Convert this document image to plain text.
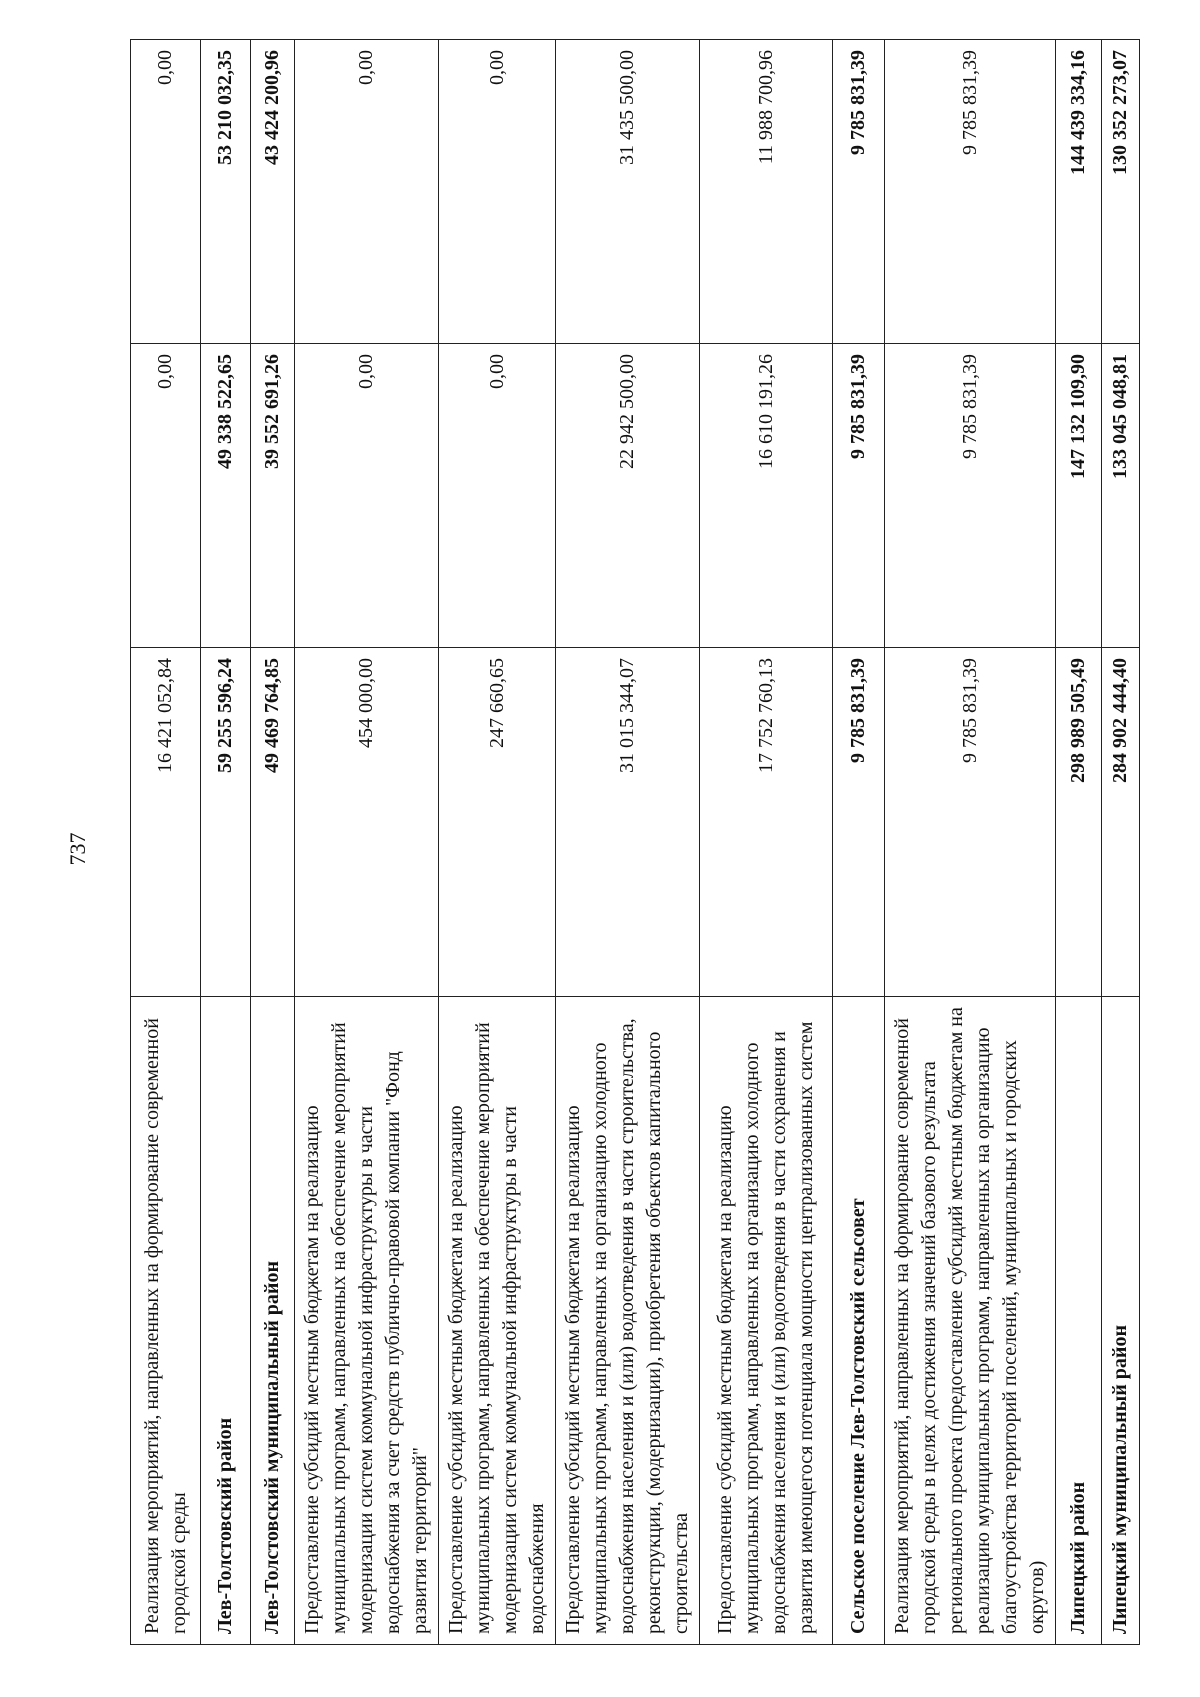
737
Реализация мероприятий, направленных на формирование современной городской среды	16 421 052,84	0,00	0,00
Лев-Толстовский район	59 255 596,24	49 338 522,65	53 210 032,35
Лев-Толстовский муниципальный район	49 469 764,85	39 552 691,26	43 424 200,96
Предоставление субсидий местным бюджетам на реализацию муниципальных программ, направленных на обеспечение мероприятий модернизации систем коммунальной инфраструктуры в части водоснабжения за счет средств публично-правовой компании "Фонд развития территорий"	454 000,00	0,00	0,00
Предоставление субсидий местным бюджетам на реализацию муниципальных программ, направленных на обеспечение мероприятий модернизации систем коммунальной инфраструктуры в части водоснабжения	247 660,65	0,00	0,00
Предоставление субсидий местным бюджетам на реализацию муниципальных программ, направленных на организацию холодного водоснабжения населения и (или) водоотведения в части строительства, реконструкции, (модернизации), приобретения объектов капитального строительства	31 015 344,07	22 942 500,00	31 435 500,00
Предоставление субсидий местным бюджетам на реализацию муниципальных программ, направленных на организацию холодного водоснабжения населения и (или) водоотведения в части сохранения и развития имеющегося потенциала мощности централизованных систем	17 752 760,13	16 610 191,26	11 988 700,96
Сельское поселение Лев-Толстовский сельсовет	9 785 831,39	9 785 831,39	9 785 831,39
Реализация мероприятий, направленных на формирование современной городской среды в целях достижения значений базового результата регионального проекта (предоставление субсидий местным бюджетам на реализацию муниципальных программ, направленных на организацию благоустройства территорий поселений, муниципальных и городских округов)	9 785 831,39	9 785 831,39	9 785 831,39
Липецкий район	298 989 505,49	147 132 109,90	144 439 334,16
Липецкий муниципальный район	284 902 444,40	133 045 048,81	130 352 273,07
